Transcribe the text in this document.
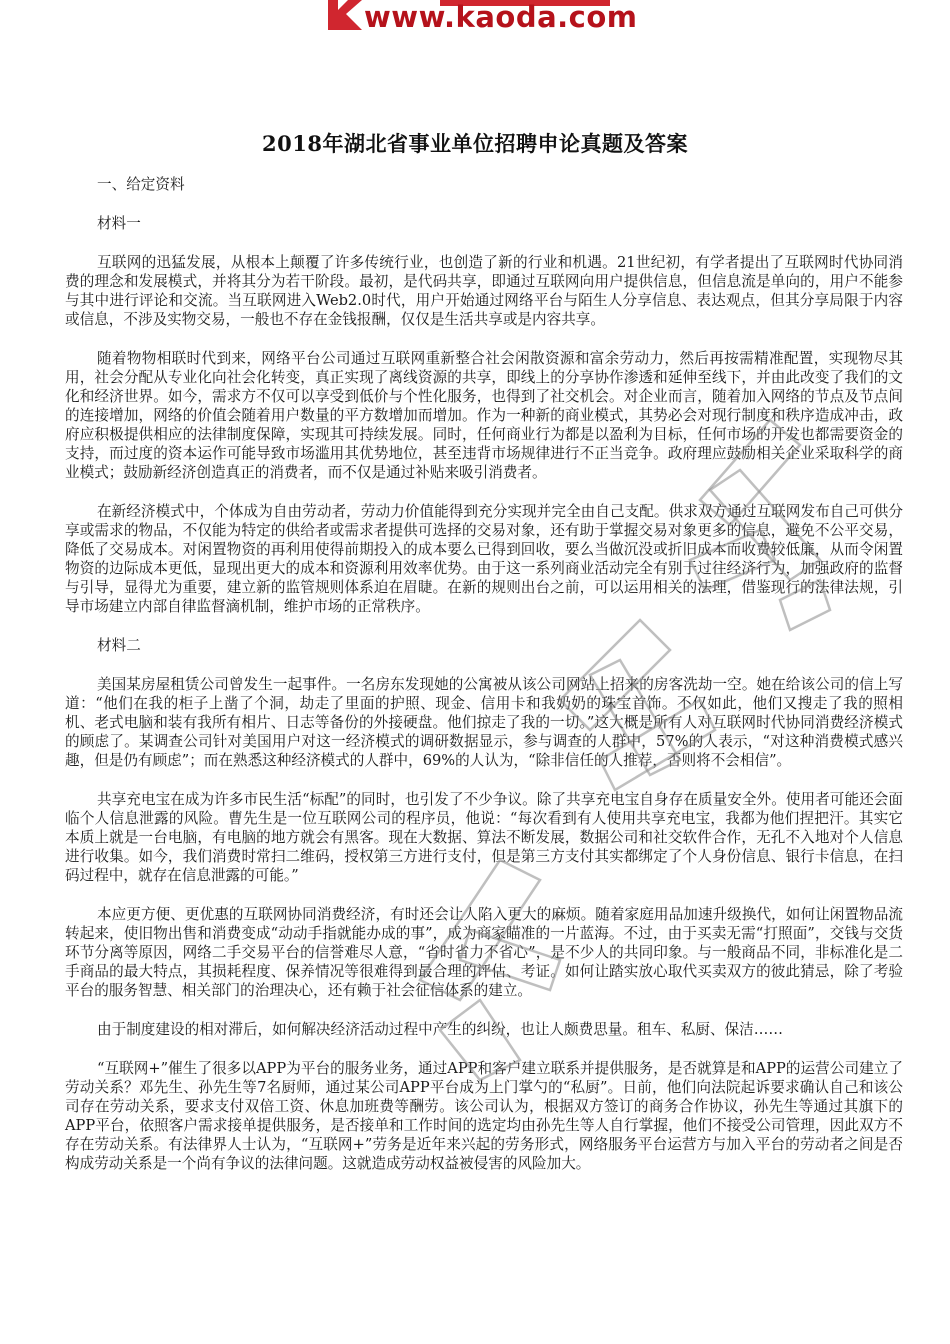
www.kaoda.com
2018年湖北省事业单位招聘申论真题及答案

一、给定资料

材料一

互联网的迅猛发展，从根本上颠覆了许多传统行业，也创造了新的行业和机遇。21世纪初，有学者提出了互联网时代协同消费的理念和发展模式，并将其分为若干阶段。最初，是代码共享，即通过互联网向用户提供信息，但信息流是单向的，用户不能参与其中进行评论和交流。当互联网进入Web2.0时代，用户开始通过网络平台与陌生人分享信息、表达观点，但其分享局限于内容或信息，不涉及实物交易，一般也不存在金钱报酬，仅仅是生活共享或是内容共享。

随着物物相联时代到来，网络平台公司通过互联网重新整合社会闲散资源和富余劳动力，然后再按需精准配置，实现物尽其用，社会分配从专业化向社会化转变，真正实现了离线资源的共享，即线上的分享协作渗透和延伸至线下，并由此改变了我们的文化和经济世界。如今，需求方不仅可以享受到低价与个性化服务，也得到了社交机会。对企业而言，随着加入网络的节点及节点间的连接增加，网络的价值会随着用户数量的平方数增加而增加。作为一种新的商业模式，其势必会对现行制度和秩序造成冲击，政府应积极提供相应的法律制度保障，实现其可持续发展。同时，任何商业行为都是以盈利为目标，任何市场的开发也都需要资金的支持，而过度的资本运作可能导致市场滥用其优势地位，甚至违背市场规律进行不正当竞争。政府理应鼓励相关企业采取科学的商业模式；鼓励新经济创造真正的消费者，而不仅是通过补贴来吸引消费者。

在新经济模式中，个体成为自由劳动者，劳动力价值能得到充分实现并完全由自己支配。供求双方通过互联网发布自己可供分享或需求的物品，不仅能为特定的供给者或需求者提供可选择的交易对象，还有助于掌握交易对象更多的信息，避免不公平交易，降低了交易成本。对闲置物资的再利用使得前期投入的成本要么已得到回收，要么当做沉没或折旧成本而收费较低廉，从而令闲置物资的边际成本更低，显现出更大的成本和资源利用效率优势。由于这一系列商业活动完全有别于过往经济行为，加强政府的监督与引导，显得尤为重要，建立新的监管规则体系迫在眉睫。在新的规则出台之前，可以运用相关的法理，借鉴现行的法律法规，引导市场建立内部自律监督滴机制，维护市场的正常秩序。

材料二

美国某房屋租赁公司曾发生一起事件。一名房东发现她的公寓被从该公司网站上招来的房客洗劫一空。她在给该公司的信上写道：“他们在我的柜子上凿了个洞，劫走了里面的护照、现金、信用卡和我奶奶的珠宝首饰。不仅如此，他们又搜走了我的照相机、老式电脑和装有我所有相片、日志等备份的外接硬盘。他们掠走了我的一切。”这大概是所有人对互联网时代协同消费经济模式的顾虑了。某调查公司针对美国用户对这一经济模式的调研数据显示，参与调查的人群中，57%的人表示，“对这种消费模式感兴趣，但是仍有顾虑”；而在熟悉这种经济模式的人群中，69%的人认为，“除非信任的人推荐，否则将不会相信”。

共享充电宝在成为许多市民生活“标配”的同时，也引发了不少争议。除了共享充电宝自身存在质量安全外。使用者可能还会面临个人信息泄露的风险。曹先生是一位互联网公司的程序员，他说：“每次看到有人使用共享充电宝，我都为他们捏把汗。其实它本质上就是一台电脑，有电脑的地方就会有黑客。现在大数据、算法不断发展，数据公司和社交软件合作，无孔不入地对个人信息进行收集。如今，我们消费时常扫二维码，授权第三方进行支付，但是第三方支付其实都绑定了个人身份信息、银行卡信息，在扫码过程中，就存在信息泄露的可能。”

本应更方便、更优惠的互联网协同消费经济，有时还会让人陷入更大的麻烦。随着家庭用品加速升级换代，如何让闲置物品流转起来，使旧物出售和消费变成“动动手指就能办成的事”，成为商家瞄准的一片蓝海。不过，由于买卖无需“打照面”，交钱与交货环节分离等原因，网络二手交易平台的信誉难尽人意，“省时省力不省心”，是不少人的共同印象。与一般商品不同，非标准化是二手商品的最大特点，其损耗程度、保养情况等很难得到最合理的评估、考证。如何让踏实放心取代买卖双方的彼此猜忌，除了考验平台的服务智慧、相关部门的治理决心，还有赖于社会征信体系的建立。

由于制度建设的相对滞后，如何解决经济活动过程中产生的纠纷，也让人颇费思量。租车、私厨、保洁……

“互联网+”催生了很多以APP为平台的服务业务，通过APP和客户建立联系并提供服务，是否就算是和APP的运营公司建立了劳动关系？邓先生、孙先生等7名厨师，通过某公司APP平台成为上门掌勺的“私厨”。日前，他们向法院起诉要求确认自己和该公司存在劳动关系，要求支付双倍工资、休息加班费等酬劳。该公司认为，根据双方签订的商务合作协议，孙先生等通过其旗下的APP平台，依照客户需求接单提供服务，是否接单和工作时间的选定均由孙先生等人自行掌握，他们不接受公司管理，因此双方不存在劳动关系。有法律界人士认为，“互联网+”劳务是近年来兴起的劳务形式，网络服务平台运营方与加入平台的劳动者之间是否构成劳动关系是一个尚有争议的法律问题。这就造成劳动权益被侵害的风险加大。
